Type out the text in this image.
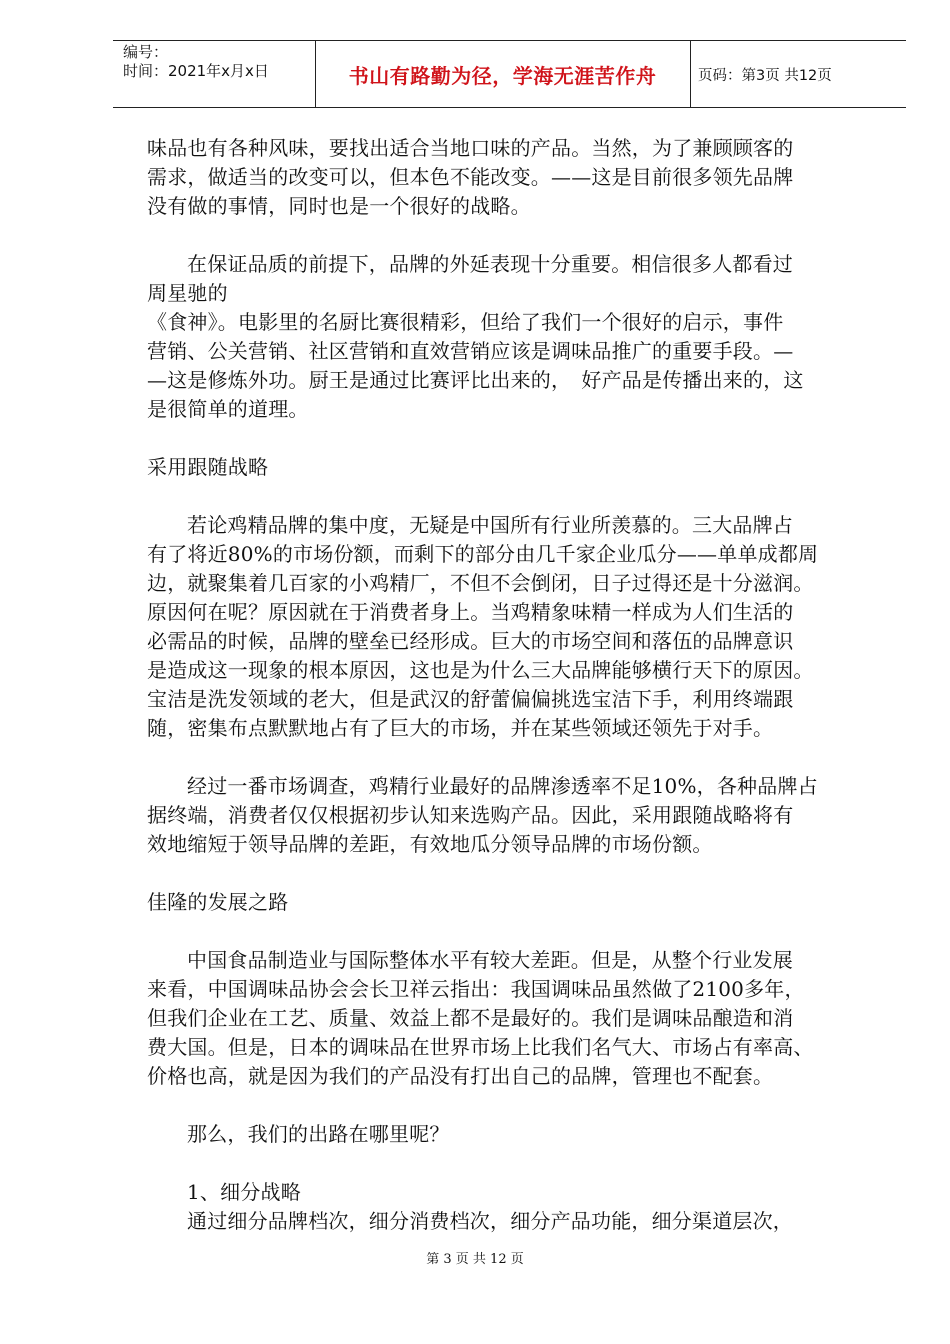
编号：
时间：2021年x月x日	书山有路勤为径，学海无涯苦作舟	页码：第3页 共12页
味品也有各种风味，要找出适合当地口味的产品。当然，为了兼顾顾客的
需求，做适当的改变可以，但本色不能改变。——这是目前很多领先品牌
没有做的事情，同时也是一个很好的战略。
在保证品质的前提下，品牌的外延表现十分重要。相信很多人都看过
周星驰的
《食神》。电影里的名厨比赛很精彩，但给了我们一个很好的启示，事件
营销、公关营销、社区营销和直效营销应该是调味品推广的重要手段。—
—这是修炼外功。厨王是通过比赛评比出来的，　好产品是传播出来的，这
是很简单的道理。
采用跟随战略
若论鸡精品牌的集中度，无疑是中国所有行业所羡慕的。三大品牌占
有了将近80%的市场份额，而剩下的部分由几千家企业瓜分——单单成都周
边，就聚集着几百家的小鸡精厂，不但不会倒闭，日子过得还是十分滋润。
原因何在呢？原因就在于消费者身上。当鸡精象味精一样成为人们生活的
必需品的时候，品牌的壁垒已经形成。巨大的市场空间和落伍的品牌意识
是造成这一现象的根本原因，这也是为什么三大品牌能够横行天下的原因。
宝洁是洗发领域的老大，但是武汉的舒蕾偏偏挑选宝洁下手，利用终端跟
随，密集布点默默地占有了巨大的市场，并在某些领域还领先于对手。
经过一番市场调查，鸡精行业最好的品牌渗透率不足10%，各种品牌占
据终端，消费者仅仅根据初步认知来选购产品。因此，采用跟随战略将有
效地缩短于领导品牌的差距，有效地瓜分领导品牌的市场份额。
佳隆的发展之路
中国食品制造业与国际整体水平有较大差距。但是，从整个行业发展
来看，中国调味品协会会长卫祥云指出：我国调味品虽然做了2100多年，
但我们企业在工艺、质量、效益上都不是最好的。我们是调味品酿造和消
费大国。但是，日本的调味品在世界市场上比我们名气大、市场占有率高、
价格也高，就是因为我们的产品没有打出自己的品牌，管理也不配套。
那么，我们的出路在哪里呢？
1、细分战略
通过细分品牌档次，细分消费档次，细分产品功能，细分渠道层次，
第 3 页 共 12 页
